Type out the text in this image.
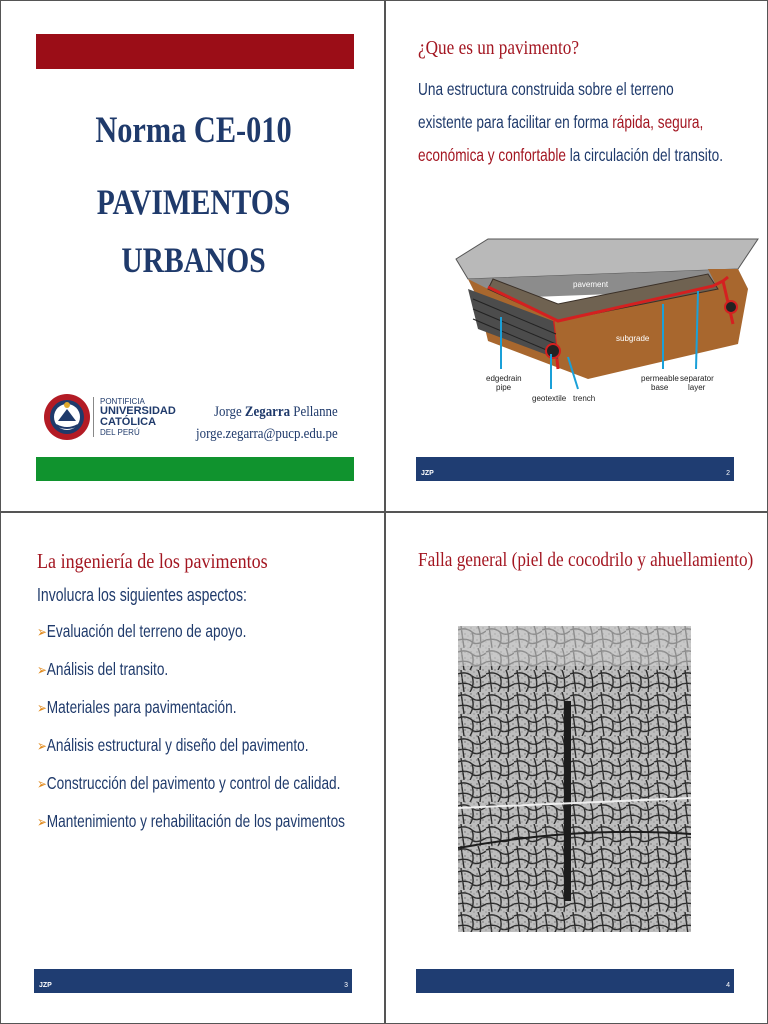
Norma CE-010
PAVIMENTOS
URBANOS
PONTIFICIA
UNIVERSIDAD
CATÓLICA
DEL PERÚ
Jorge Zegarra Pellanne
jorge.zegarra@pucp.edu.pe
¿Que es un pavimento?
Una estructura construida sobre el terreno existente para facilitar en forma rápida, segura, económica y confortable la circulación del transito.
pavement
subgrade
edgedrain
pipe
geotextile trench
permeable
base
separator
layer
JZP	2
La ingeniería de los pavimentos
Involucra los siguientes aspectos:
➢Evaluación del terreno de apoyo.
➢Análisis del transito.
➢Materiales para pavimentación.
➢Análisis estructural y diseño del pavimento.
➢Construcción del pavimento y control de calidad.
➢Mantenimiento y rehabilitación de los pavimentos
JZP	3
Falla general (piel de cocodrilo y ahuellamiento)
4
